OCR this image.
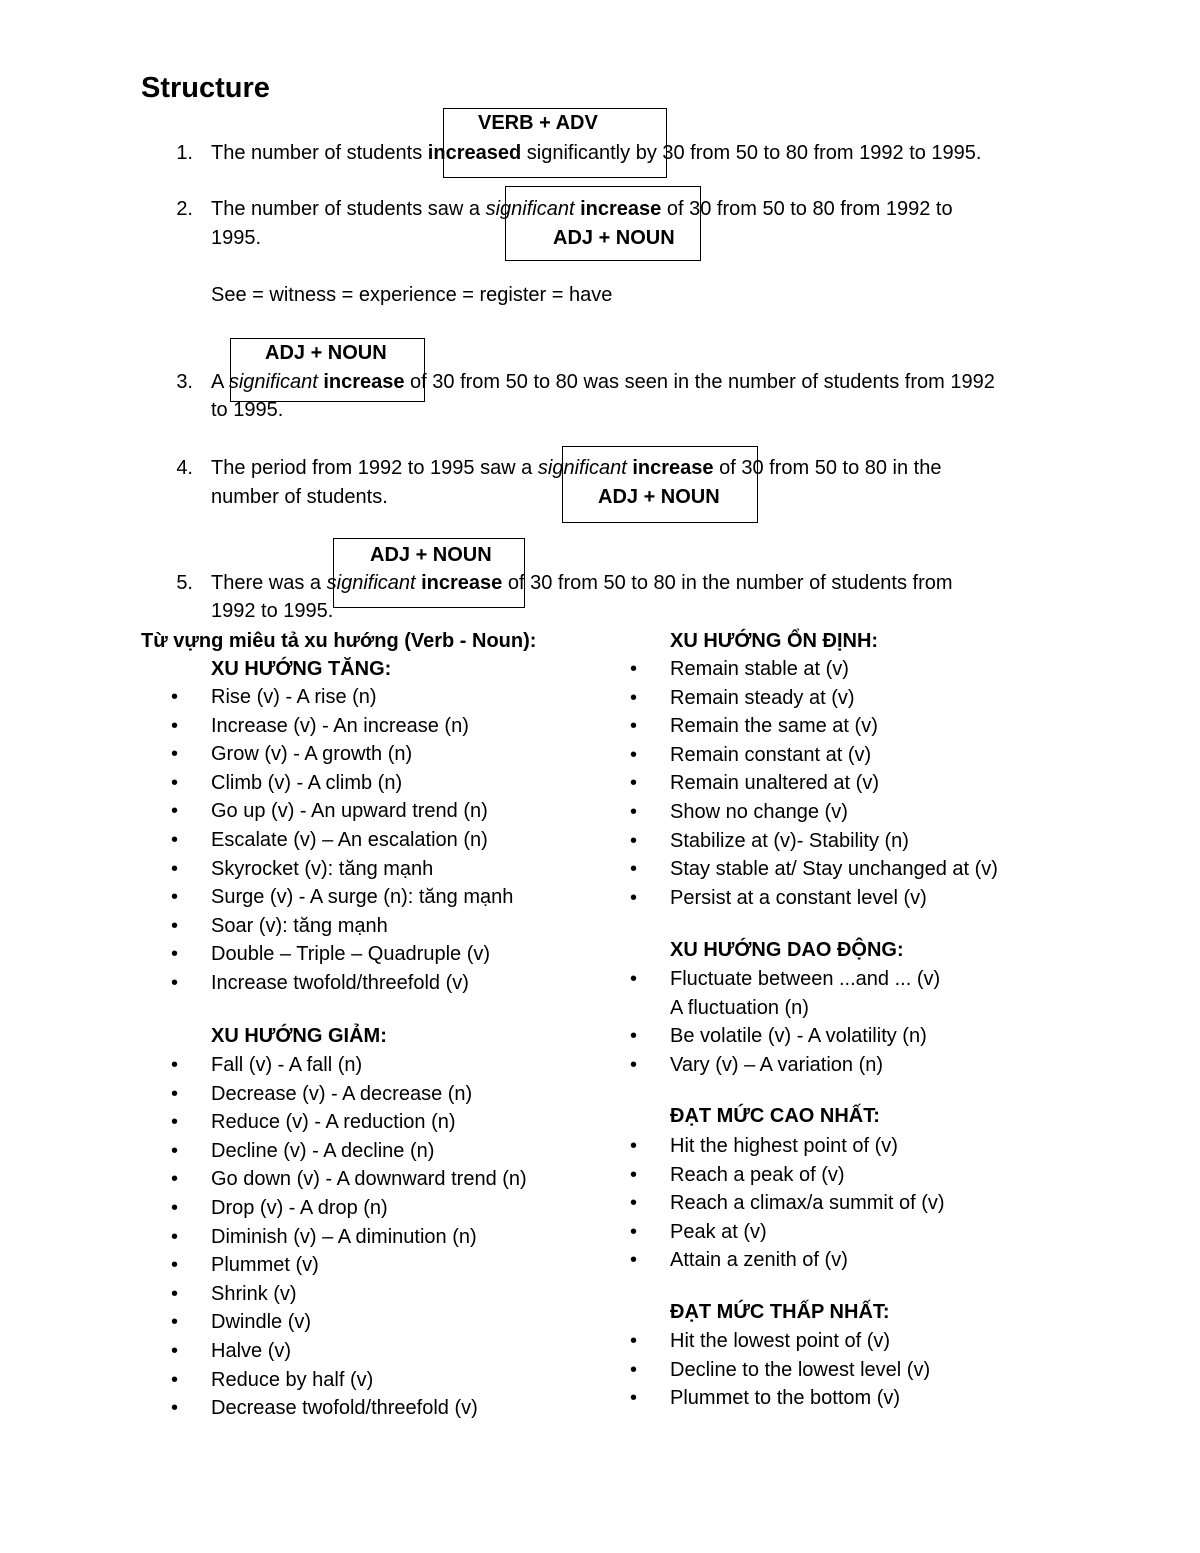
Structure
VERB + ADV
1. The number of students increased significantly by 30 from 50 to 80 from 1992 to 1995.
2. The number of students saw a significant increase of 30 from 50 to 80 from 1992 to
1995.	ADJ + NOUN
See = witness = experience = register = have
ADJ + NOUN
3. A significant increase of 30 from 50 to 80 was seen in the number of students from 1992
to 1995.
4. The period from 1992 to 1995 saw a significant increase of 30 from 50 to 80 in the
number of students.	ADJ + NOUN
ADJ + NOUN
5. There was a significant increase of 30 from 50 to 80 in the number of students from
1992 to 1995.
Từ vựng miêu tả xu hướng (Verb - Noun):
XU HƯỚNG TĂNG:
• Rise (v) - A rise (n)
• Increase (v) - An increase (n)
• Grow (v) - A growth (n)
• Climb (v) - A climb (n)
• Go up (v) - An upward trend (n)
• Escalate (v) – An escalation (n)
• Skyrocket (v): tăng mạnh
• Surge (v) - A surge (n): tăng mạnh
• Soar (v): tăng mạnh
• Double – Triple – Quadruple (v)
• Increase twofold/threefold (v)
XU HƯỚNG GIẢM:
• Fall (v) - A fall (n)
• Decrease (v) - A decrease (n)
• Reduce (v) - A reduction (n)
• Decline (v) - A decline (n)
• Go down (v) - A downward trend (n)
• Drop (v) - A drop (n)
• Diminish (v) – A diminution (n)
• Plummet (v)
• Shrink (v)
• Dwindle (v)
• Halve (v)
• Reduce by half (v)
• Decrease twofold/threefold (v)
XU HƯỚNG ỔN ĐỊNH:
• Remain stable at (v)
• Remain steady at (v)
• Remain the same at (v)
• Remain constant at (v)
• Remain unaltered at (v)
• Show no change (v)
• Stabilize at (v)- Stability (n)
• Stay stable at/ Stay unchanged at (v)
• Persist at a constant level (v)
XU HƯỚNG DAO ĐỘNG:
• Fluctuate between ...and ... (v)
A fluctuation (n)
• Be volatile (v) - A volatility (n)
• Vary (v) – A variation (n)
ĐẠT MỨC CAO NHẤT:
• Hit the highest point of (v)
• Reach a peak of (v)
• Reach a climax/a summit of (v)
• Peak at (v)
• Attain a zenith of (v)
ĐẠT MỨC THẤP NHẤT:
• Hit the lowest point of (v)
• Decline to the lowest level (v)
• Plummet to the bottom (v)
